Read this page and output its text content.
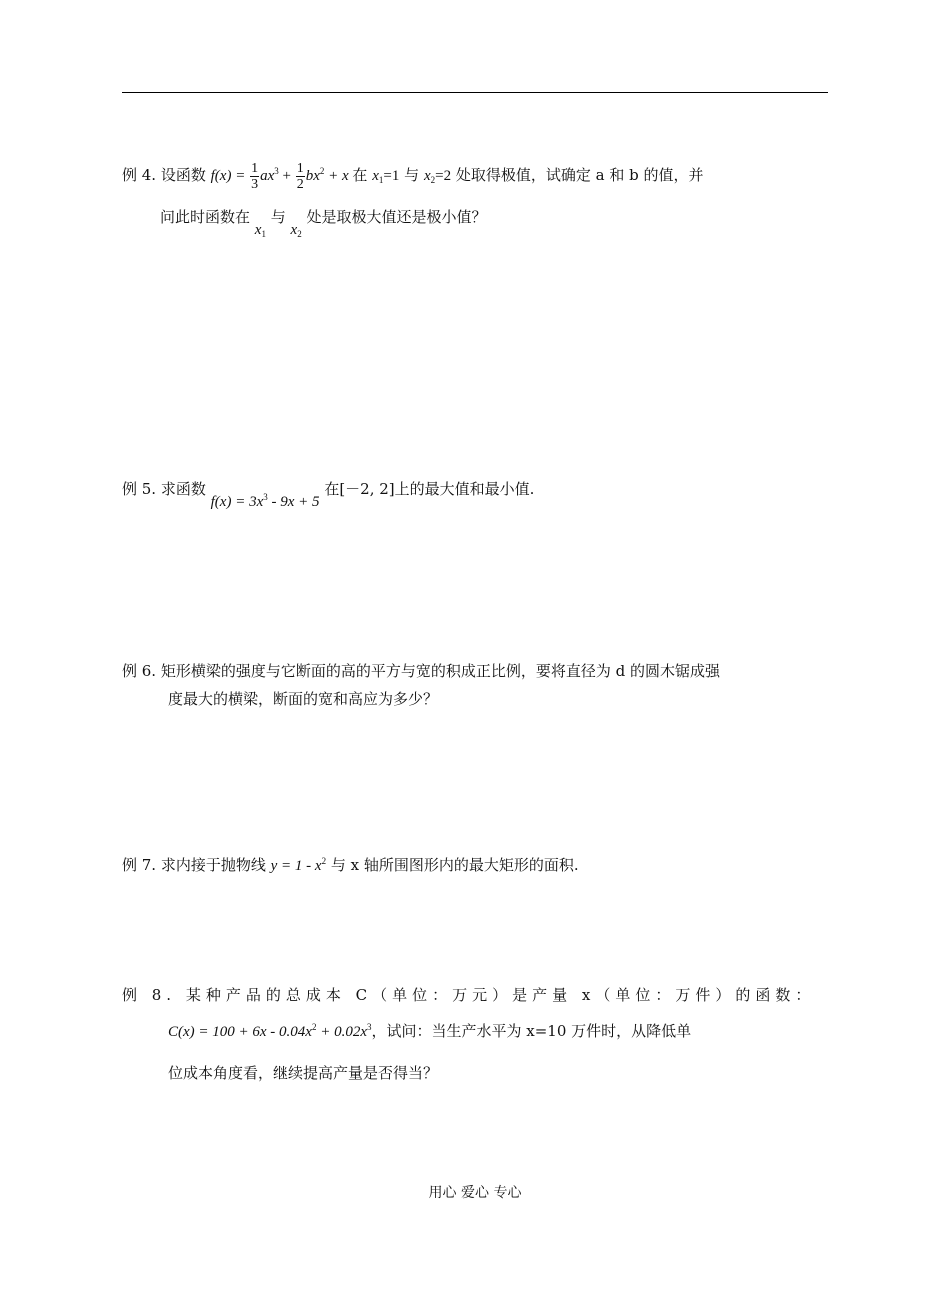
例 4. 设函数 $f(x) = \frac{1}{3} ax^3 + \frac{1}{2} bx^2 + x$ 在 $x_1=1$ 与 $x_2=2$ 处取得极值，试确定 a 和 b 的值，并
问此时函数在 $x_1$ 与 $x_2$ 处是取极大值还是极小值？
例 5. 求函数 $f(x) = 3x^3 - 9x + 5$ 在[－2, 2]上的最大值和最小值.
例 6. 矩形横梁的强度与它断面的高的平方与宽的积成正比例，要将直径为 d 的圆木锯成强
度最大的横梁，断面的宽和高应为多少？
例 7. 求内接于抛物线 $y = 1 - x^2$ 与 x 轴所围图形内的最大矩形的面积.
例 8. 某种产品的总成本 C（单位：万元）是产量 x（单位：万件）的函数：
$C(x) = 100 + 6x - 0.04x^2 + 0.02x^3$，试问：当生产水平为 x=10 万件时，从降低单
位成本角度看，继续提高产量是否得当？
用心 爱心 专心
